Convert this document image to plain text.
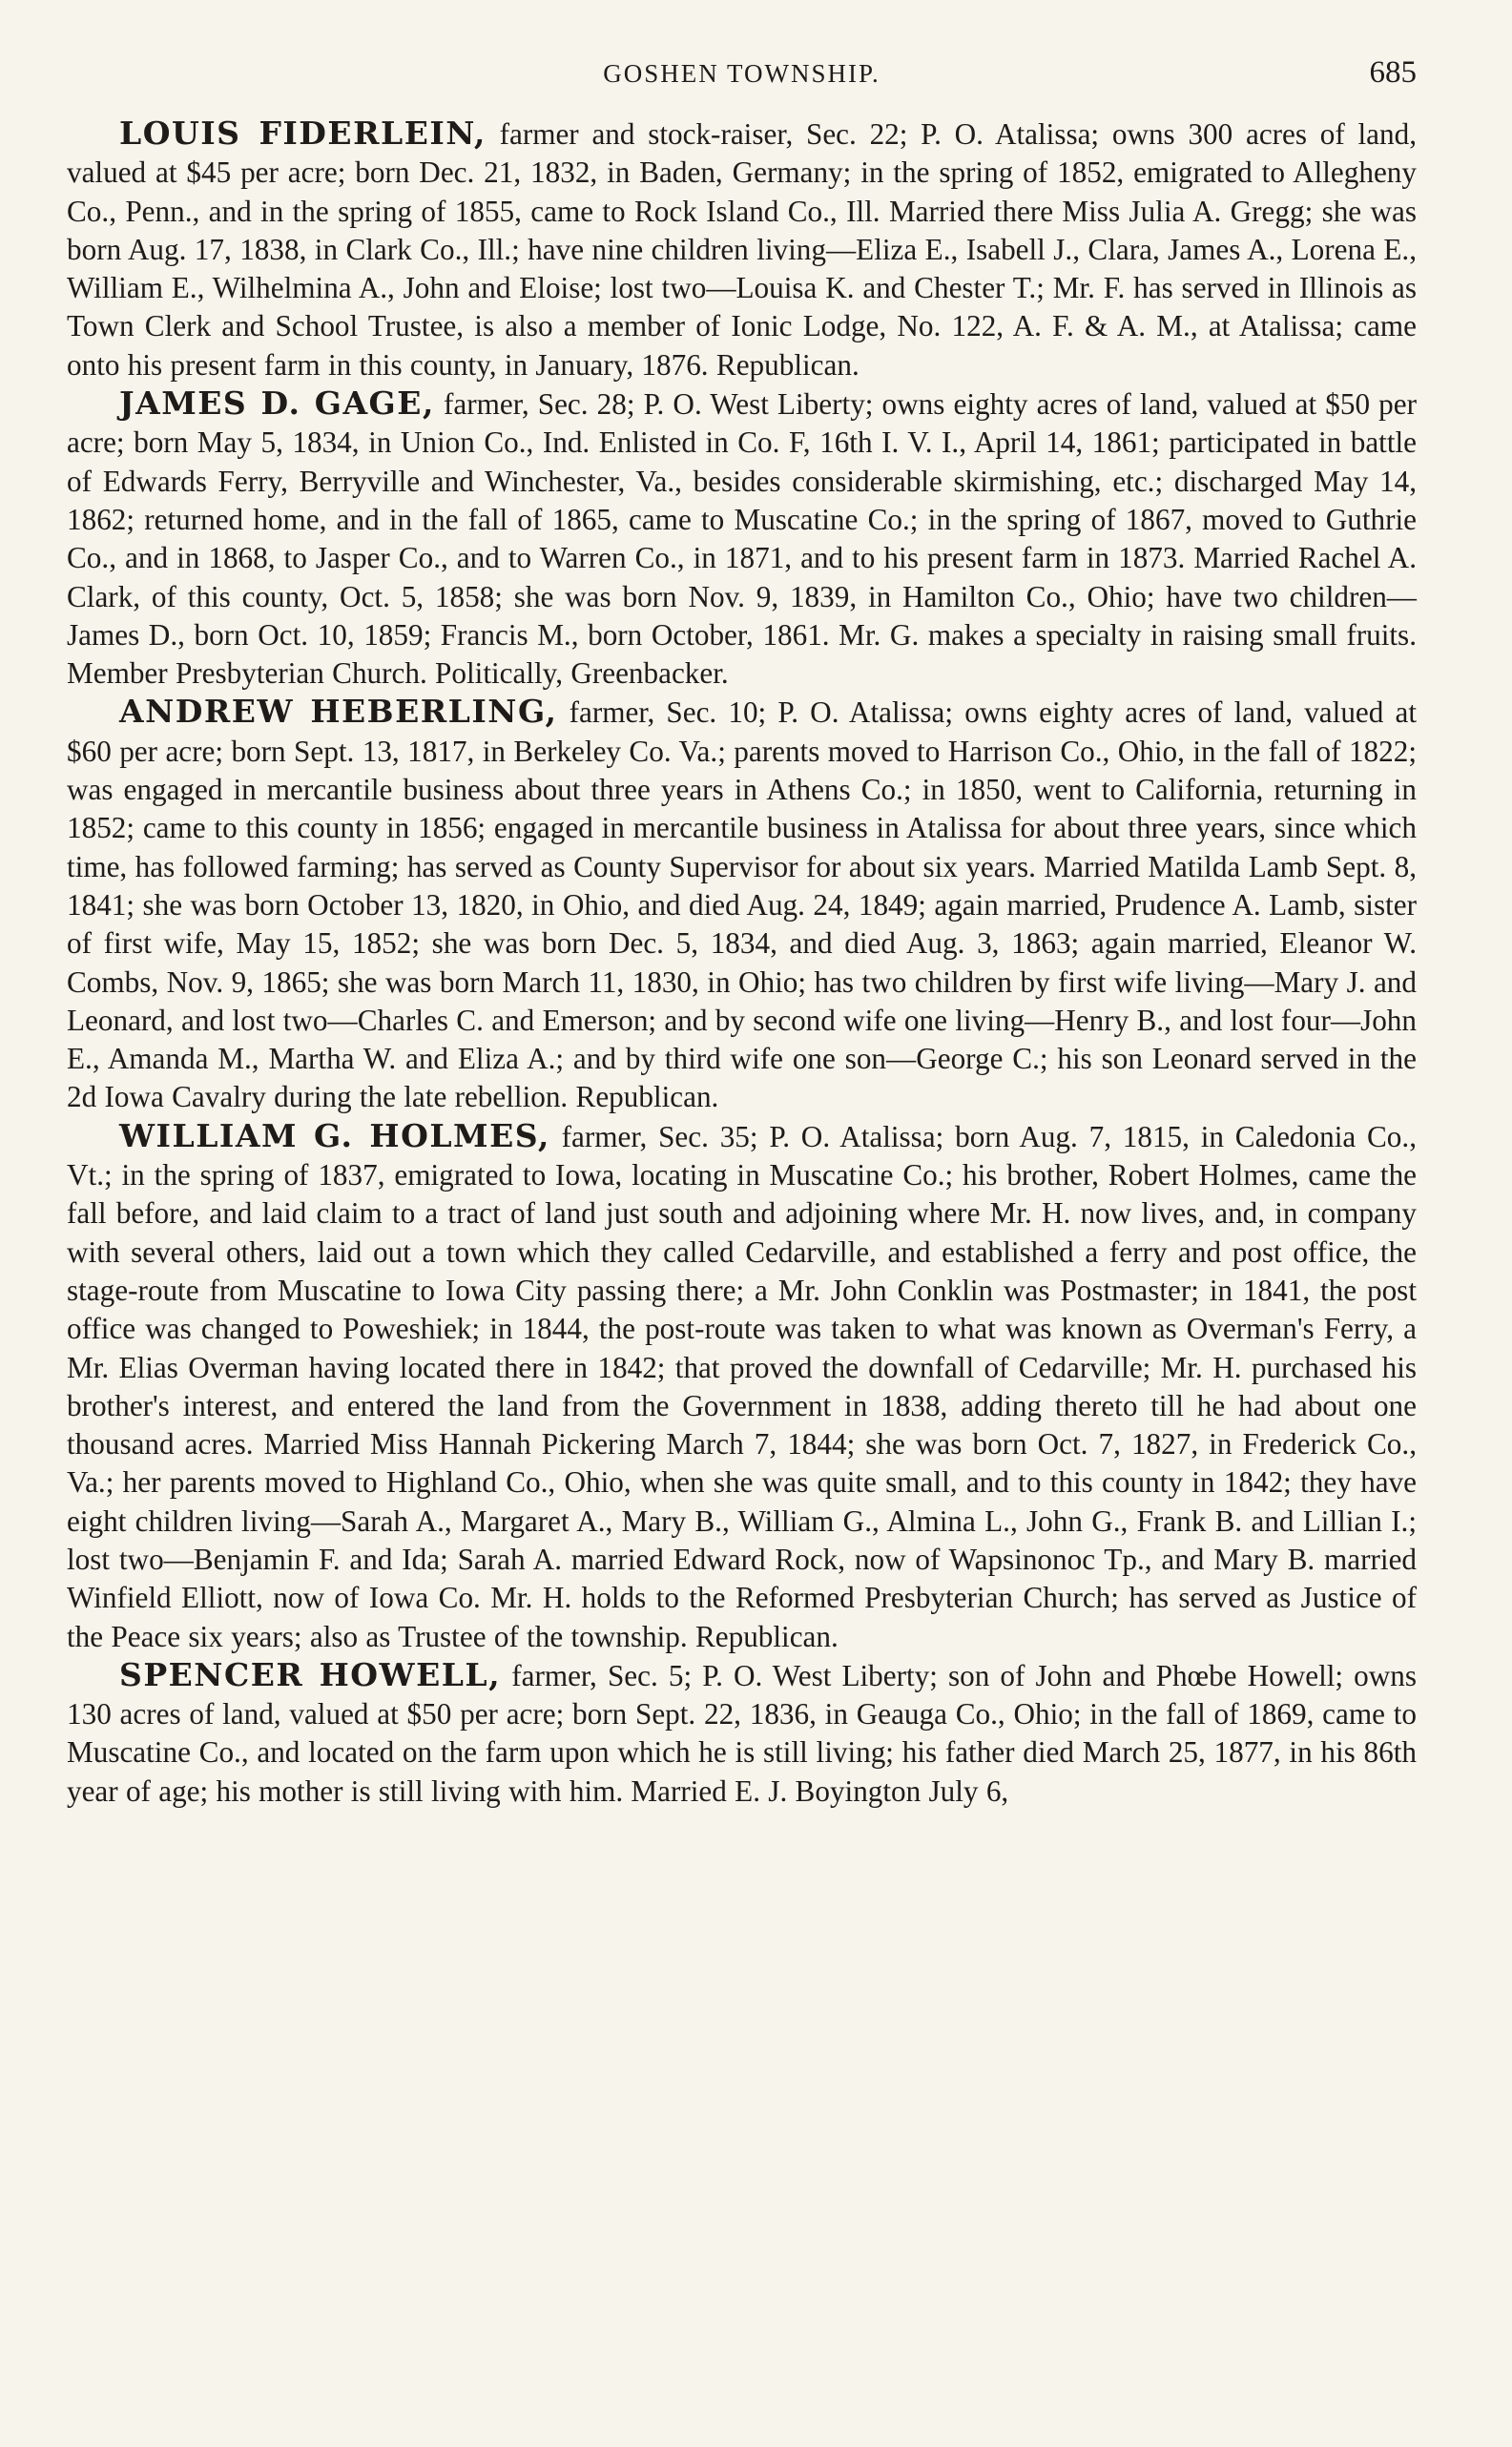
GOSHEN TOWNSHIP.	685

LOUIS FIDERLEIN, farmer and stock-raiser, Sec. 22; P. O. Atalissa; owns 300 acres of land, valued at $45 per acre; born Dec. 21, 1832, in Baden, Germany; in the spring of 1852, emigrated to Allegheny Co., Penn., and in the spring of 1855, came to Rock Island Co., Ill. Married there Miss Julia A. Gregg; she was born Aug. 17, 1838, in Clark Co., Ill.; have nine children living—Eliza E., Isabell J., Clara, James A., Lorena E., William E., Wilhelmina A., John and Eloise; lost two—Louisa K. and Chester T.; Mr. F. has served in Illinois as Town Clerk and School Trustee, is also a member of Ionic Lodge, No. 122, A. F. & A. M., at Atalissa; came onto his present farm in this county, in January, 1876. Republican.

JAMES D. GAGE, farmer, Sec. 28; P. O. West Liberty; owns eighty acres of land, valued at $50 per acre; born May 5, 1834, in Union Co., Ind. Enlisted in Co. F, 16th I. V. I., April 14, 1861; participated in battle of Edwards Ferry, Berryville and Winchester, Va., besides considerable skirmishing, etc.; discharged May 14, 1862; returned home, and in the fall of 1865, came to Muscatine Co.; in the spring of 1867, moved to Guthrie Co., and in 1868, to Jasper Co., and to Warren Co., in 1871, and to his present farm in 1873. Married Rachel A. Clark, of this county, Oct. 5, 1858; she was born Nov. 9, 1839, in Hamilton Co., Ohio; have two children—James D., born Oct. 10, 1859; Francis M., born October, 1861. Mr. G. makes a specialty in raising small fruits. Member Presbyterian Church. Politically, Greenbacker.

ANDREW HEBERLING, farmer, Sec. 10; P. O. Atalissa; owns eighty acres of land, valued at $60 per acre; born Sept. 13, 1817, in Berkeley Co. Va.; parents moved to Harrison Co., Ohio, in the fall of 1822; was engaged in mercantile business about three years in Athens Co.; in 1850, went to California, returning in 1852; came to this county in 1856; engaged in mercantile business in Atalissa for about three years, since which time, has followed farming; has served as County Supervisor for about six years. Married Matilda Lamb Sept. 8, 1841; she was born October 13, 1820, in Ohio, and died Aug. 24, 1849; again married, Prudence A. Lamb, sister of first wife, May 15, 1852; she was born Dec. 5, 1834, and died Aug. 3, 1863; again married, Eleanor W. Combs, Nov. 9, 1865; she was born March 11, 1830, in Ohio; has two children by first wife living—Mary J. and Leonard, and lost two—Charles C. and Emerson; and by second wife one living—Henry B., and lost four—John E., Amanda M., Martha W. and Eliza A.; and by third wife one son—George C.; his son Leonard served in the 2d Iowa Cavalry during the late rebellion. Republican.

WILLIAM G. HOLMES, farmer, Sec. 35; P. O. Atalissa; born Aug. 7, 1815, in Caledonia Co., Vt.; in the spring of 1837, emigrated to Iowa, locating in Muscatine Co.; his brother, Robert Holmes, came the fall before, and laid claim to a tract of land just south and adjoining where Mr. H. now lives, and, in company with several others, laid out a town which they called Cedarville, and established a ferry and post office, the stage-route from Muscatine to Iowa City passing there; a Mr. John Conklin was Postmaster; in 1841, the post office was changed to Poweshiek; in 1844, the post-route was taken to what was known as Overman's Ferry, a Mr. Elias Overman having located there in 1842; that proved the downfall of Cedarville; Mr. H. purchased his brother's interest, and entered the land from the Government in 1838, adding thereto till he had about one thousand acres. Married Miss Hannah Pickering March 7, 1844; she was born Oct. 7, 1827, in Frederick Co., Va.; her parents moved to Highland Co., Ohio, when she was quite small, and to this county in 1842; they have eight children living—Sarah A., Margaret A., Mary B., William G., Almina L., John G., Frank B. and Lillian I.; lost two—Benjamin F. and Ida; Sarah A. married Edward Rock, now of Wapsinonoc Tp., and Mary B. married Winfield Elliott, now of Iowa Co. Mr. H. holds to the Reformed Presbyterian Church; has served as Justice of the Peace six years; also as Trustee of the township. Republican.

SPENCER HOWELL, farmer, Sec. 5; P. O. West Liberty; son of John and Phœbe Howell; owns 130 acres of land, valued at $50 per acre; born Sept. 22, 1836, in Geauga Co., Ohio; in the fall of 1869, came to Muscatine Co., and located on the farm upon which he is still living; his father died March 25, 1877, in his 86th year of age; his mother is still living with him. Married E. J. Boyington July 6,
